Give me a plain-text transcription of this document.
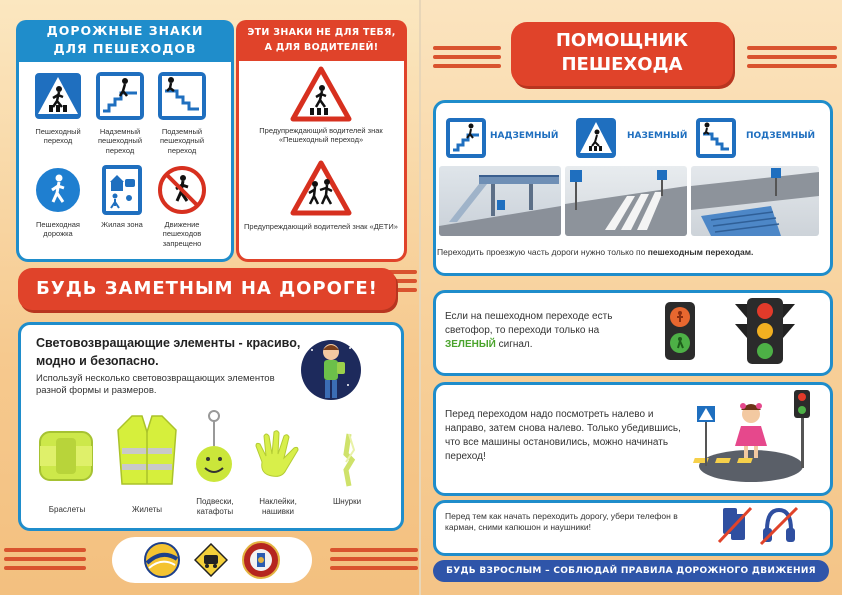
ДОРОЖНЫЕ ЗНАКИ
ДЛЯ ПЕШЕХОДОВ
Пешеходный переход
Надземный пешеходный переход
Подземный пешеходный переход
Пешеходная дорожка
Жилая зона	Движение пешеходов запрещено
ЭТИ ЗНАКИ НЕ ДЛЯ ТЕБЯ,
А ДЛЯ ВОДИТЕЛЕЙ!
Предупреждающий водителей знак «Пешеходный переход»
Предупреждающий водителей знак «ДЕТИ»
БУДЬ ЗАМЕТНЫМ НА ДОРОГЕ!
Световозвращающие элементы - красиво, модно и безопасно.
Используй несколько световозвращающих элементов разной формы и размеров.
Браслеты	Жилеты
Подвески, катафоты
Наклейки, нашивки
Шнурки
ПОМОЩНИК
ПЕШЕХОДА
НАДЗЕМНЫЙ	НАЗЕМНЫЙ	ПОДЗЕМНЫЙ
Переходить проезжую часть дороги нужно только по пешеходным переходам.
Если на пешеходном переходе есть светофор, то переходи только на ЗЕЛЕНЫЙ сигнал.
Перед переходом надо посмотреть налево и направо, затем снова налево. Только убедившись, что все машины остановились, можно начинать переход!
Перед тем как начать переходить дорогу, убери телефон в карман, сними капюшон и наушники!
БУДЬ ВЗРОСЛЫМ – СОБЛЮДАЙ ПРАВИЛА ДОРОЖНОГО ДВИЖЕНИЯ
